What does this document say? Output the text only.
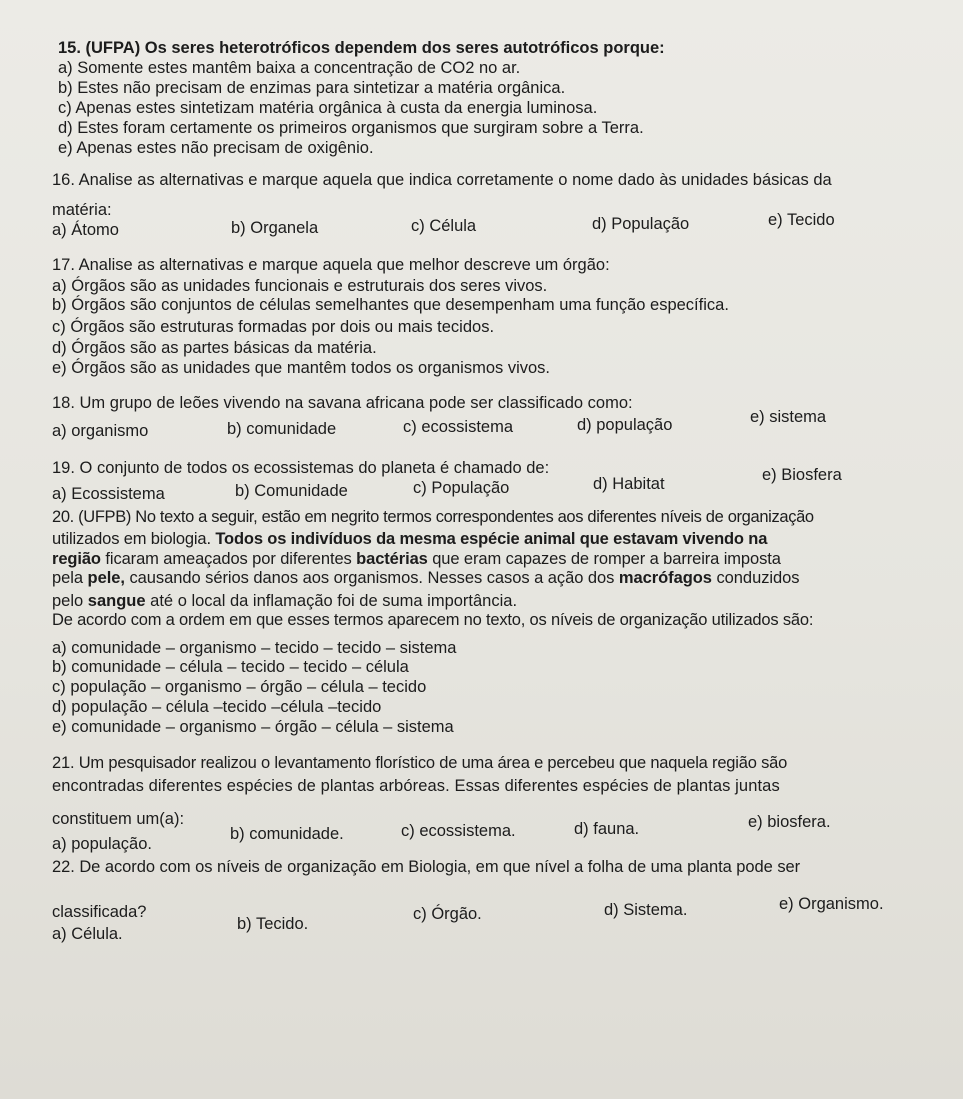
15. (UFPA) Os seres heterotróficos dependem dos seres autotróficos porque:
a) Somente estes mantêm baixa a concentração de CO2 no ar.
b) Estes não precisam de enzimas para sintetizar a matéria orgânica.
c) Apenas estes sintetizam matéria orgânica à custa da energia luminosa.
d) Estes foram certamente os primeiros organismos que surgiram sobre a Terra.
e) Apenas estes não precisam de oxigênio.
16. Analise as alternativas e marque aquela que indica corretamente o nome dado às unidades básicas da
matéria:
a) Átomo	b) Organela	c) Célula	d) População	e) Tecido
17. Analise as alternativas e marque aquela que melhor descreve um órgão:
a) Órgãos são as unidades funcionais e estruturais dos seres vivos.
b) Órgãos são conjuntos de células semelhantes que desempenham uma função específica.
c) Órgãos são estruturas formadas por dois ou mais tecidos.
d) Órgãos são as partes básicas da matéria.
e) Órgãos são as unidades que mantêm todos os organismos vivos.
18. Um grupo de leões vivendo na savana africana pode ser classificado como:
a) organismo	b) comunidade	c) ecossistema	d) população	e) sistema
19. O conjunto de todos os ecossistemas do planeta é chamado de:
a) Ecossistema	b) Comunidade	c) População	d) Habitat	e) Biosfera
20. (UFPB) No texto a seguir, estão em negrito termos correspondentes aos diferentes níveis de organização
utilizados em biologia. Todos os indivíduos da mesma espécie animal que estavam vivendo na
região ficaram ameaçados por diferentes bactérias que eram capazes de romper a barreira imposta
pela pele, causando sérios danos aos organismos. Nesses casos a ação dos macrófagos conduzidos
pelo sangue até o local da inflamação foi de suma importância.
De acordo com a ordem em que esses termos aparecem no texto, os níveis de organização utilizados são:
a) comunidade – organismo – tecido – tecido – sistema
b) comunidade – célula – tecido – tecido – célula
c) população – organismo – órgão – célula – tecido
d) população – célula –tecido –célula –tecido
e) comunidade – organismo – órgão – célula – sistema
21. Um pesquisador realizou o levantamento florístico de uma área e percebeu que naquela região são
encontradas diferentes espécies de plantas arbóreas. Essas diferentes espécies de plantas juntas
constituem um(a):
a) população.
b) comunidade.	c) ecossistema.	d) fauna.	e) biosfera.
22. De acordo com os níveis de organização em Biologia, em que nível a folha de uma planta pode ser
classificada?
a) Célula.
b) Tecido.
c) Órgão.	d) Sistema.	e) Organismo.
